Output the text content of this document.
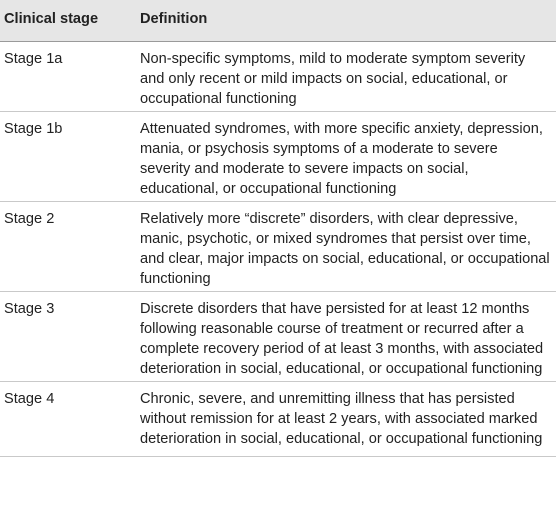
Clinical stage	Definition
Stage 1a	Non-specific symptoms, mild to moderate symptom severity and only recent or mild impacts on social, educational, or occupational functioning
Stage 1b	Attenuated syndromes, with more specific anxiety, depression, mania, or psychosis symptoms of a moderate to severe severity and moderate to severe impacts on social, educational, or occupational functioning
Stage 2	Relatively more “discrete” disorders, with clear depressive, manic, psychotic, or mixed syndromes that persist over time, and clear, major impacts on social, educational, or occupational functioning
Stage 3	Discrete disorders that have persisted for at least 12 months following reasonable course of treatment or recurred after a complete recovery period of at least 3 months, with associated deterioration in social, educational, or occupational functioning
Stage 4	Chronic, severe, and unremitting illness that has persisted without remission for at least 2 years, with associated marked deterioration in social, educational, or occupational functioning
